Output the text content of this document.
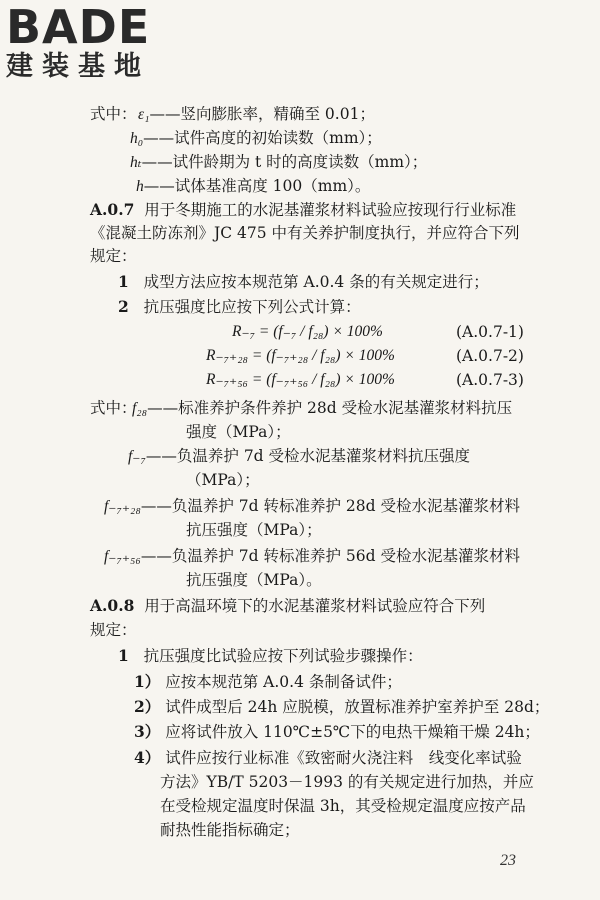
BADE
建装基地
式中： ε₁——竖向膨胀率，精确至 0.01；
h₀——试件高度的初始读数（mm）；
hₜ——试件龄期为 t 时的高度读数（mm）；
h——试体基准高度 100（mm）。
A.0.7 用于冬期施工的水泥基灌浆材料试验应按现行行业标准
《混凝土防冻剂》JC 475 中有关养护制度执行，并应符合下列
规定：
1 成型方法应按本规范第 A.0.4 条的有关规定进行；
2 抗压强度比应按下列公式计算：
R₋₇ = (f₋₇ / f₂₈) × 100%	(A.0.7-1)
R₋₇₊₂₈ = (f₋₇₊₂₈ / f₂₈) × 100%	(A.0.7-2)
R₋₇₊₅₆ = (f₋₇₊₅₆ / f₂₈) × 100%	(A.0.7-3)
式中：
f₂₈——标准养护条件养护 28d 受检水泥基灌浆材料抗压
强度（MPa）；
f₋₇——负温养护 7d 受检水泥基灌浆材料抗压强度
（MPa）；
f₋₇₊₂₈——负温养护 7d 转标准养护 28d 受检水泥基灌浆材料
抗压强度（MPa）；
f₋₇₊₅₆——负温养护 7d 转标准养护 56d 受检水泥基灌浆材料
抗压强度（MPa）。
A.0.8 用于高温环境下的水泥基灌浆材料试验应符合下列
规定：
1 抗压强度比试验应按下列试验步骤操作：
1） 应按本规范第 A.0.4 条制备试件；
2） 试件成型后 24h 应脱模，放置标准养护室养护至 28d；
3） 应将试件放入 110℃±5℃下的电热干燥箱干燥 24h；
4） 试件应按行业标准《致密耐火浇注料　线变化率试验
方法》YB/T 5203－1993 的有关规定进行加热，并应
在受检规定温度时保温 3h，其受检规定温度应按产品
耐热性能指标确定；
23
